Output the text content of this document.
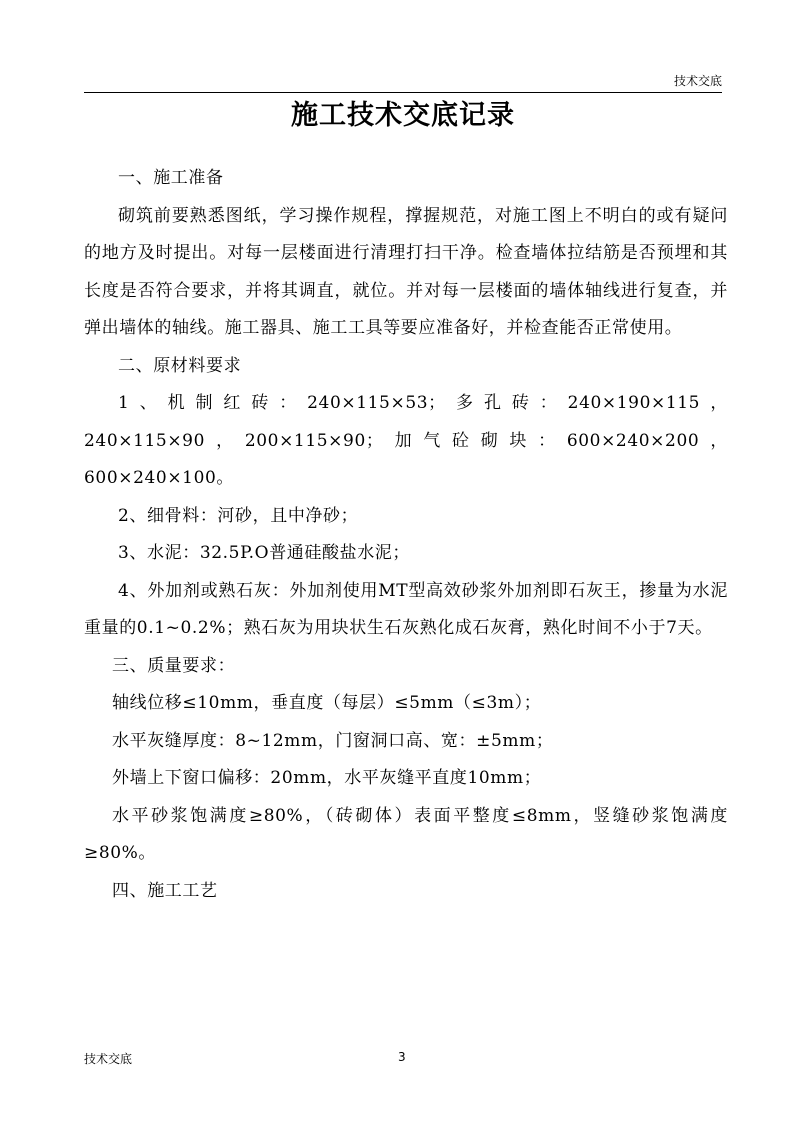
技术交底
施工技术交底记录

一、施工准备

砌筑前要熟悉图纸，学习操作规程，撑握规范，对施工图上不明白的或有疑问的地方及时提出。对每一层楼面进行清理打扫干净。检查墙体拉结筋是否预埋和其长度是否符合要求，并将其调直，就位。并对每一层楼面的墙体轴线进行复查，并弹出墙体的轴线。施工器具、施工工具等要应准备好，并检查能否正常使用。

二、原材料要求

1、机制红砖：240×115×53；多孔砖：240×190×115，240×115×90，200×115×90；加气砼砌块：600×240×200，600×240×100。

2、细骨料：河砂，且中净砂；

3、水泥：32.5P.O普通硅酸盐水泥；

4、外加剂或熟石灰：外加剂使用MT型高效砂浆外加剂即石灰王，掺量为水泥重量的0.1~0.2%；熟石灰为用块状生石灰熟化成石灰膏，熟化时间不小于7天。

三、质量要求：

轴线位移≤10mm，垂直度（每层）≤5mm（≤3m）；

水平灰缝厚度：8~12mm，门窗洞口高、宽：±5mm；

外墙上下窗口偏移：20mm，水平灰缝平直度10mm；

水平砂浆饱满度≥80%，（砖砌体）表面平整度≤8mm，竖缝砂浆饱满度≥80%。

四、施工工艺

技术交底	3
